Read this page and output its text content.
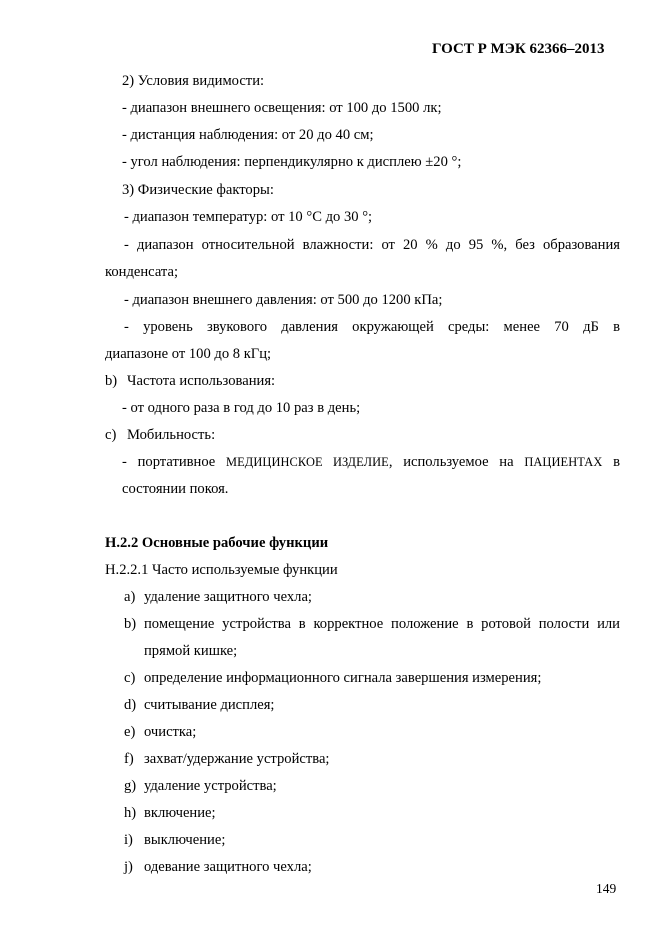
ГОСТ Р МЭК 62366–2013
2) Условия видимости:
- диапазон внешнего освещения: от 100 до 1500 лк;
- дистанция наблюдения: от 20 до 40 см;
- угол наблюдения: перпендикулярно к дисплею ±20 °;
3) Физические факторы:
- диапазон температур: от 10 °С до 30 °;
- диапазон относительной влажности: от 20 % до 95 %, без образования
конденсата;
- диапазон внешнего давления: от 500 до 1200 кПа;
- уровень звукового давления окружающей среды: менее 70 дБ в
диапазоне от 100 до 8 кГц;
b) Частота использования:
- от одного раза в год до 10 раз в день;
c) Мобильность:
- портативное МЕДИЦИНСКОЕ ИЗДЕЛИЕ, используемое на ПАЦИЕНТАХ в
состоянии покоя.
Н.2.2 Основные рабочие функции
Н.2.2.1 Часто используемые функции
a) удаление защитного чехла;
b) помещение устройства в корректное положение в ротовой полости или
прямой кишке;
c) определение информационного сигнала завершения измерения;
d) считывание дисплея;
e) очистка;
f) захват/удержание устройства;
g) удаление устройства;
h) включение;
i) выключение;
j) одевание защитного чехла;
149
